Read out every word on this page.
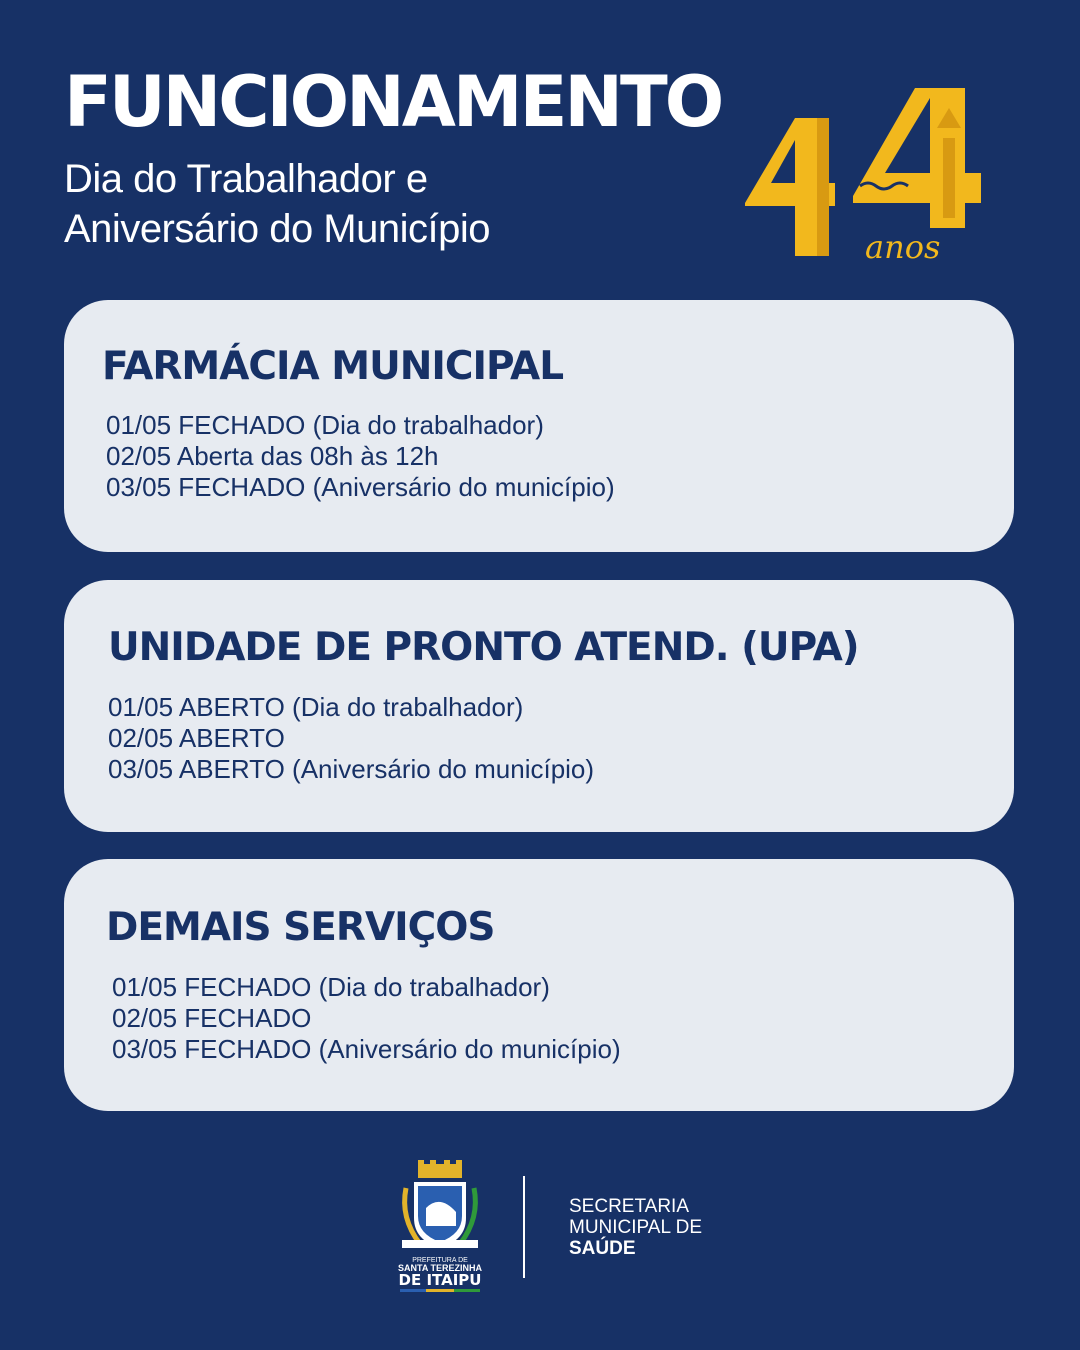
FUNCIONAMENTO
Dia do Trabalhador e
Aniversário do Município	anos
FARMÁCIA MUNICIPAL
01/05 FECHADO (Dia do trabalhador)
02/05 Aberta das 08h às 12h
03/05 FECHADO (Aniversário do município)
UNIDADE DE PRONTO ATEND. (UPA)
01/05 ABERTO (Dia do trabalhador)
02/05 ABERTO
03/05 ABERTO (Aniversário do município)
DEMAIS SERVIÇOS
01/05 FECHADO (Dia do trabalhador)
02/05 FECHADO
03/05 FECHADO (Aniversário do município)
PREFEITURA DE
SANTA TEREZINHA
DE ITAIPU
SECRETARIA
MUNICIPAL DE
SAÚDE
